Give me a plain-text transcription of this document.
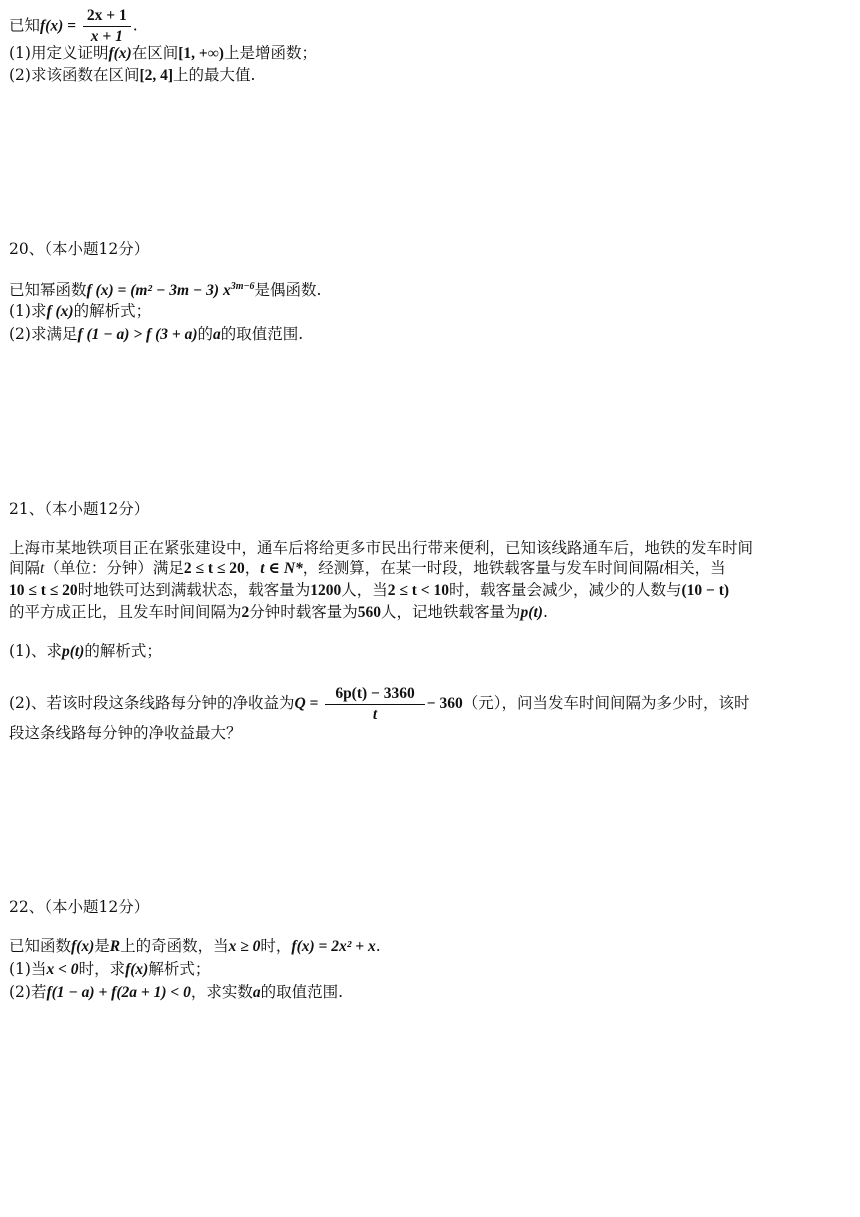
已知$f(x) = \frac{2x + 1}{x + 1}$ .
(1)用定义证明f(x)在区间[1, +∞)上是增函数；
(2)求该函数在区间[2, 4]上的最大值.
20、（本小题12分）
已知幂函数f (x) = (m² − 3m − 3) $x^{3m-6}$是偶函数.
(1)求f (x)的解析式；
(2)求满足f (1 − a) > f (3 + a)的a的取值范围.
21、（本小题12分）
上海市某地铁项目正在紧张建设中，通车后将给更多市民出行带来便利，已知该线路通车后，地铁的发车时间
间隔t（单位：分钟）满足2 ≤ t ≤ 20，t ∈ N*，经测算，在某一时段，地铁载客量与发车时间间隔t相关，当
10 ≤ t ≤ 20时地铁可达到满载状态，载客量为1200人，当2 ≤ t < 10时，载客量会减少，减少的人数与(10 − t)
的平方成正比，且发车时间间隔为2分钟时载客量为560人，记地铁载客量为p(t).
(1)、求p(t)的解析式；
(2)、若该时段这条线路每分钟的净收益为$Q = \frac{6p(t) - 3360}{t} - 360$（元），问当发车时间间隔为多少时，该时
段这条线路每分钟的净收益最大？
22、（本小题12分）
已知函数f(x)是R上的奇函数，当x ≥ 0时，f(x) = 2x² + x.
(1)当x < 0时，求f(x)解析式；
(2)若f(1 − a) + f(2a + 1) < 0，求实数a的取值范围.
